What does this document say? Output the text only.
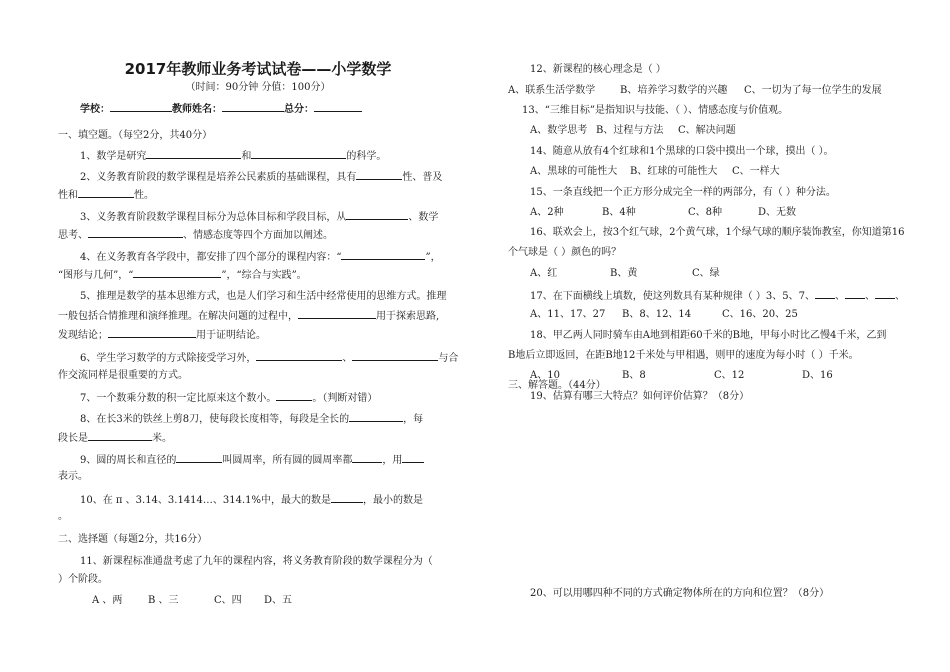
2017年教师业务考试试卷——小学数学
（时间：90分钟 分值：100分）
学校：	教师姓名：	总分：
一、填空题。（每空2分，共40分）
1、数学是研究	和	的科学。
2、义务教育阶段的数学课程是培养公民素质的基础课程，具有	性、普及
性和	性。
3、义务教育阶段数学课程目标分为总体目标和学段目标，从	、数学
思考、	、情感态度等四个方面加以阐述。
4、在义务教育各学段中，都安排了四个部分的课程内容：“	”，
“图形与几何”，“	”，“综合与实践”。
5、推理是数学的基本思维方式，也是人们学习和生活中经常使用的思维方式。推理
一般包括合情推理和演绎推理。在解决问题的过程中，	用于探索思路,
发现结论；	用于证明结论。
6、学生学习数学的方式除接受学习外，	、	与合
作交流同样是很重要的方式。
7、一个数乘分数的积一定比原来这个数小。	。（判断对错）
8、在长3米的铁丝上剪8刀，使每段长度相等，每段是全长的	，每
段长是	米。
9、圆的周长和直径的	叫圆周率，所有圆的圆周率都	，用
表示。
10、在 π 、3.14、3.1414…、314.1%中，最大的数是	，最小的数是
。
二、选择题（每题2分，共16分）
11、新课程标准通盘考虑了九年的课程内容，将义务教育阶段的数学课程分为（
）个阶段。
A 、两	B 、三	C、四 D、五
12、新课程的核心理念是（ ）
A、联系生活学数学 B、培养学习数学的兴趣 C、一切为了每一位学生的发展
13、“三维目标”是指知识与技能、（ ）、情感态度与价值观。
A、数学思考 B、过程与方法 C、解决问题
14、随意从放有4个红球和1个黑球的口袋中摸出一个球，摸出（ ）。
A、黑球的可能性大 B、红球的可能性大 C、一样大
15、一条直线把一个正方形分成完全一样的两部分，有（ ）种分法。
A、2种	B、4种	C、8种	D、无数
16、联欢会上，按3个红气球，2个黄气球，1个绿气球的顺序装饰教室，你知道第16
个气球是（ ）颜色的吗？
A、红	B、黄	C、绿
17、在下面横线上填数，使这列数具有某种规律（ ）3、5、7、 、 、 、
A、11、17、27 B、8、12、14	C、16、20、25
18、甲乙两人同时骑车由A地到相距60千米的B地，甲每小时比乙慢4千米，乙到
B地后立即返回，在距B地12千米处与甲相遇，则甲的速度为每小时（ ）千米。
A、10	B、8	C、12	D、16
三、解答题。（44分）
19、估算有哪三大特点？如何评价估算？（8分）
20、可以用哪四种不同的方式确定物体所在的方向和位置？（8分）
